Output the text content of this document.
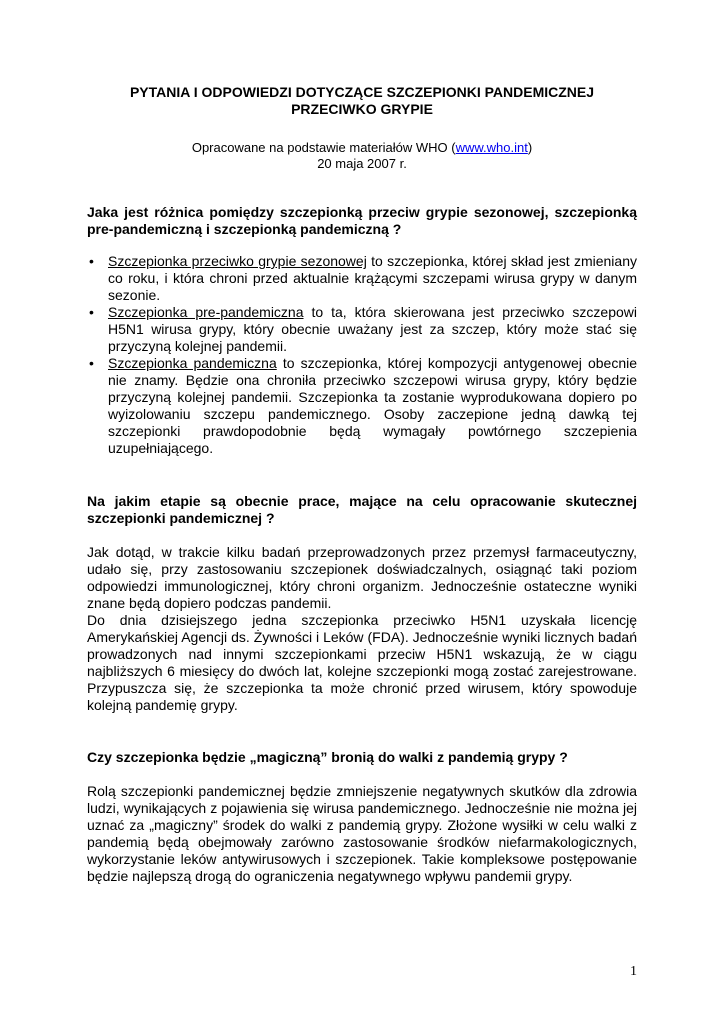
PYTANIA I ODPOWIEDZI DOTYCZĄCE SZCZEPIONKI PANDEMICZNEJ
PRZECIWKO GRYPIE

Opracowane na podstawie materiałów WHO (www.who.int)
20 maja 2007 r.

Jaka jest różnica pomiędzy szczepionką przeciw grypie sezonowej, szczepionką pre-pandemiczną i szczepionką pandemiczną ?

• Szczepionka przeciwko grypie sezonowej to szczepionka, której skład jest zmieniany co roku, i która chroni przed aktualnie krążącymi szczepami wirusa grypy w danym sezonie.
• Szczepionka pre-pandemiczna to ta, która skierowana jest przeciwko szczepowi H5N1 wirusa grypy, który obecnie uważany jest za szczep, który może stać się przyczyną kolejnej pandemii.
• Szczepionka pandemiczna to szczepionka, której kompozycji antygenowej obecnie nie znamy. Będzie ona chroniła przeciwko szczepowi wirusa grypy, który będzie przyczyną kolejnej pandemii. Szczepionka ta zostanie wyprodukowana dopiero po wyizolowaniu szczepu pandemicznego. Osoby zaczepione jedną dawką tej szczepionki prawdopodobnie będą wymagały powtórnego szczepienia uzupełniającego.

Na jakim etapie są obecnie prace, mające na celu opracowanie skutecznej szczepionki pandemicznej ?

Jak dotąd, w trakcie kilku badań przeprowadzonych przez przemysł farmaceutyczny, udało się, przy zastosowaniu szczepionek doświadczalnych, osiągnąć taki poziom odpowiedzi immunologicznej, który chroni organizm. Jednocześnie ostateczne wyniki znane będą dopiero podczas pandemii.

Do dnia dzisiejszego jedna szczepionka przeciwko H5N1 uzyskała licencję Amerykańskiej Agencji ds. Żywności i Leków (FDA). Jednocześnie wyniki licznych badań prowadzonych nad innymi szczepionkami przeciw H5N1 wskazują, że w ciągu najbliższych 6 miesięcy do dwóch lat, kolejne szczepionki mogą zostać zarejestrowane. Przypuszcza się, że szczepionka ta może chronić przed wirusem, który spowoduje kolejną pandemię grypy.

Czy szczepionka będzie „magiczną” bronią do walki z pandemią grypy ?

Rolą szczepionki pandemicznej będzie zmniejszenie negatywnych skutków dla zdrowia ludzi, wynikających z pojawienia się wirusa pandemicznego. Jednocześnie nie można jej uznać za „magiczny” środek do walki z pandemią grypy. Złożone wysiłki w celu walki z pandemią będą obejmowały zarówno zastosowanie środków niefarmakologicznych, wykorzystanie leków antywirusowych i szczepionek. Takie kompleksowe postępowanie będzie najlepszą drogą do ograniczenia negatywnego wpływu pandemii grypy.

1
